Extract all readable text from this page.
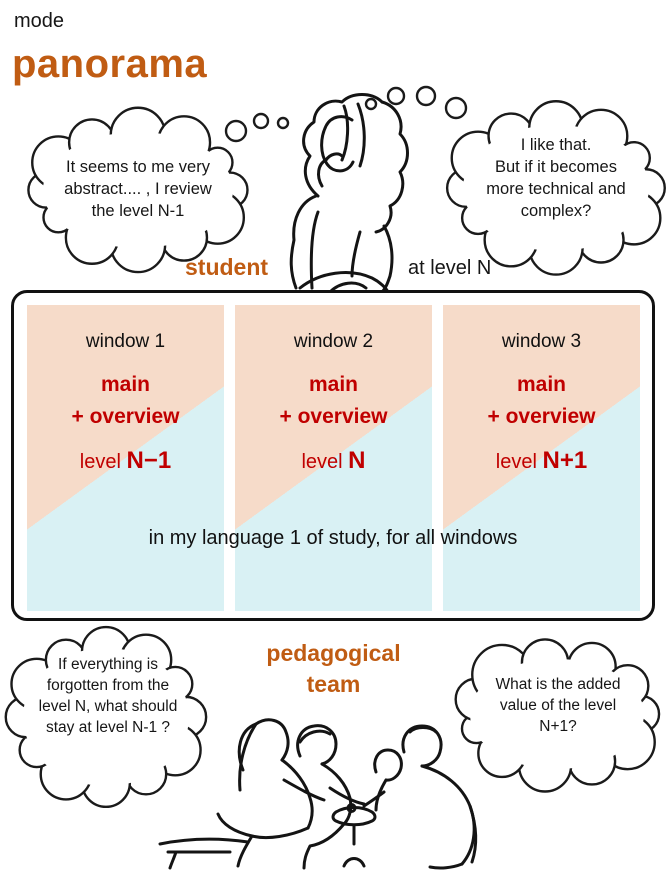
mode
panorama
It seems to me very
abstract.... , I review
the level N-1
I like that.
But if it becomes
more technical and
complex?
student	at level N
window 1
main
+ overview
level N−1
window 2
main
+ overview
level N
window 3
main
+ overview
level N+1
in my language 1 of study, for all windows
pedagogical
team
If everything is
forgotten from the
level N, what should
stay at level N-1 ?
What is the added
value of the level
N+1?
